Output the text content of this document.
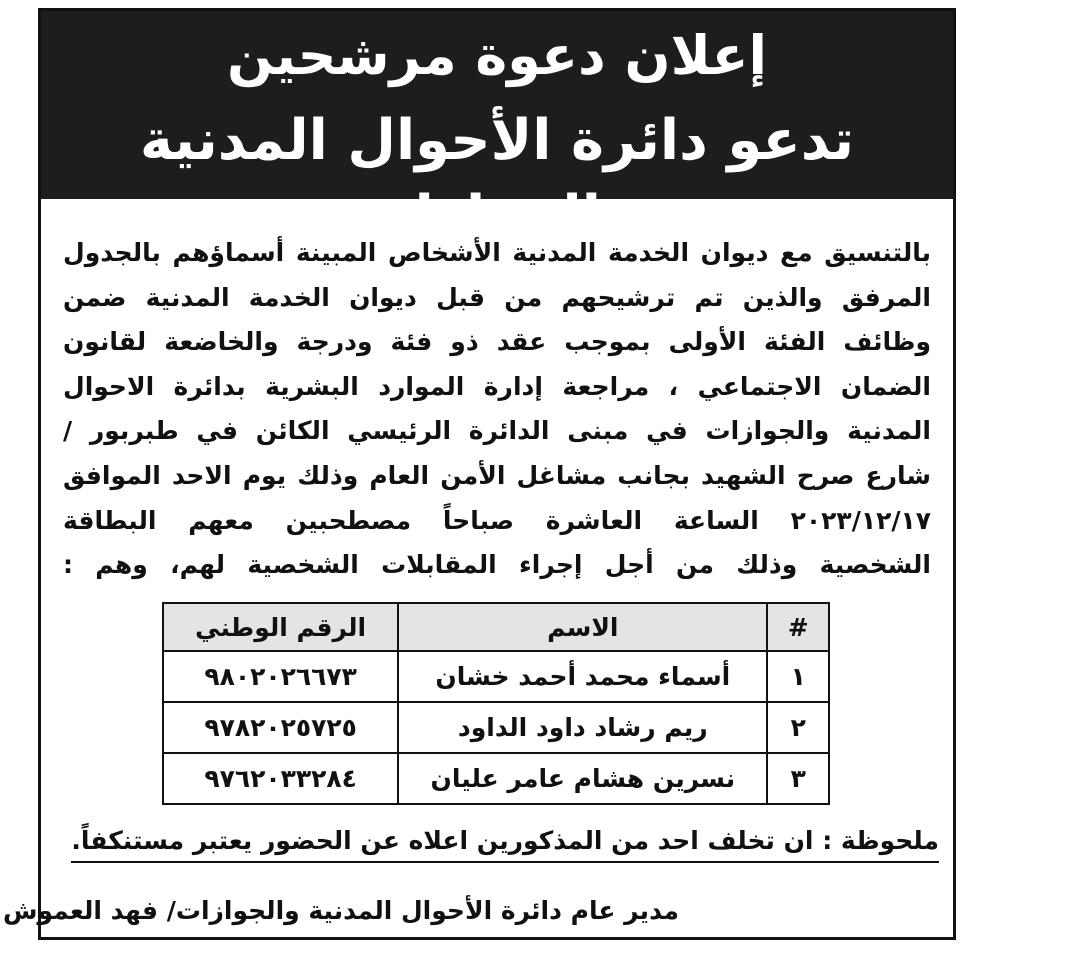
إعلان دعوة مرشحين
تدعو دائرة الأحوال المدنية والجوازات

بالتنسيق مع ديوان الخدمة المدنية الأشخاص المبينة أسماؤهم بالجدول

المرفق والذين تم ترشيحهم من قبل ديوان الخدمة المدنية ضمن

وظائف الفئة الأولى بموجب عقد ذو فئة ودرجة والخاضعة لقانون

الضمان الاجتماعي ، مراجعة إدارة الموارد البشرية بدائرة الاحوال

المدنية والجوازات في مبنى الدائرة الرئيسي الكائن في طبربور /

شارع صرح الشهيد بجانب مشاغل الأمن العام وذلك يوم الاحد الموافق

٢٠٢٣/١٢/١٧ الساعة العاشرة صباحاً مصطحبين معهم البطاقة

الشخصية وذلك من أجل إجراء المقابلات الشخصية لهم، وهم :

#	الاسم	الرقم الوطني
١	أسماء محمد أحمد خشان	٩٨٠٢٠٢٦٦٧٣
٢	ريم رشاد داود الداود	٩٧٨٢٠٢٥٧٢٥
٣	نسرين هشام عامر عليان	٩٧٦٢٠٣٣٢٨٤
ملحوظة : ان تخلف احد من المذكورين اعلاه عن الحضور يعتبر مستنكفاً.
مدير عام دائرة الأحوال المدنية والجوازات/ فهد العموش
